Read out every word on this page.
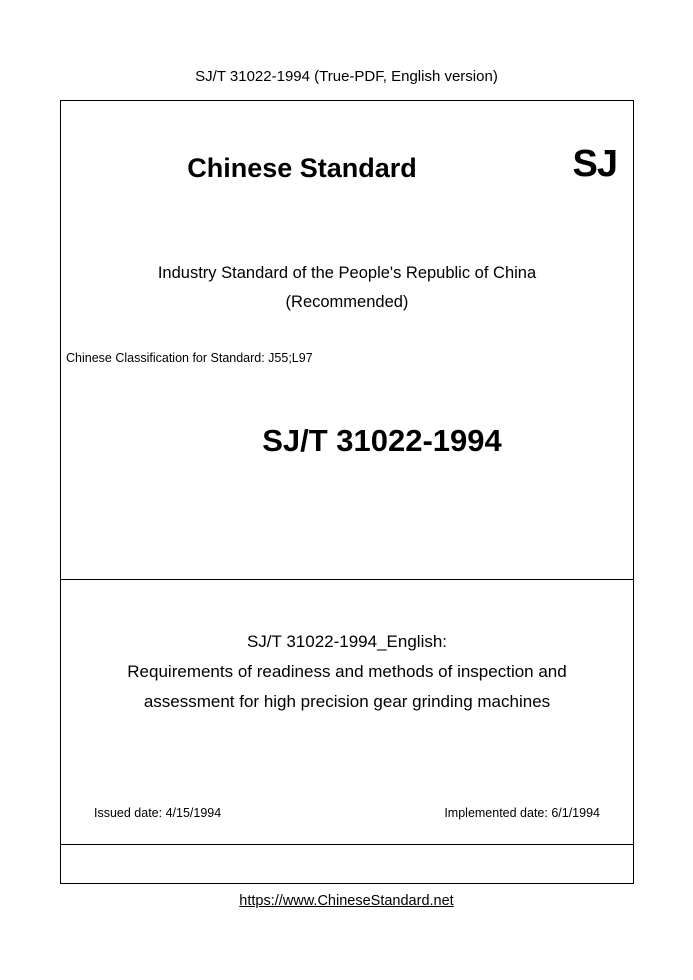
SJ/T 31022-1994 (True-PDF, English version)
Chinese Standard	SJ
Industry Standard of the People's Republic of China
(Recommended)
Chinese Classification for Standard: J55;L97
SJ/T 31022-1994
SJ/T 31022-1994_English:
Requirements of readiness and methods of inspection and
assessment for high precision gear grinding machines
Issued date: 4/15/1994	Implemented date: 6/1/1994
https://www.ChineseStandard.net
